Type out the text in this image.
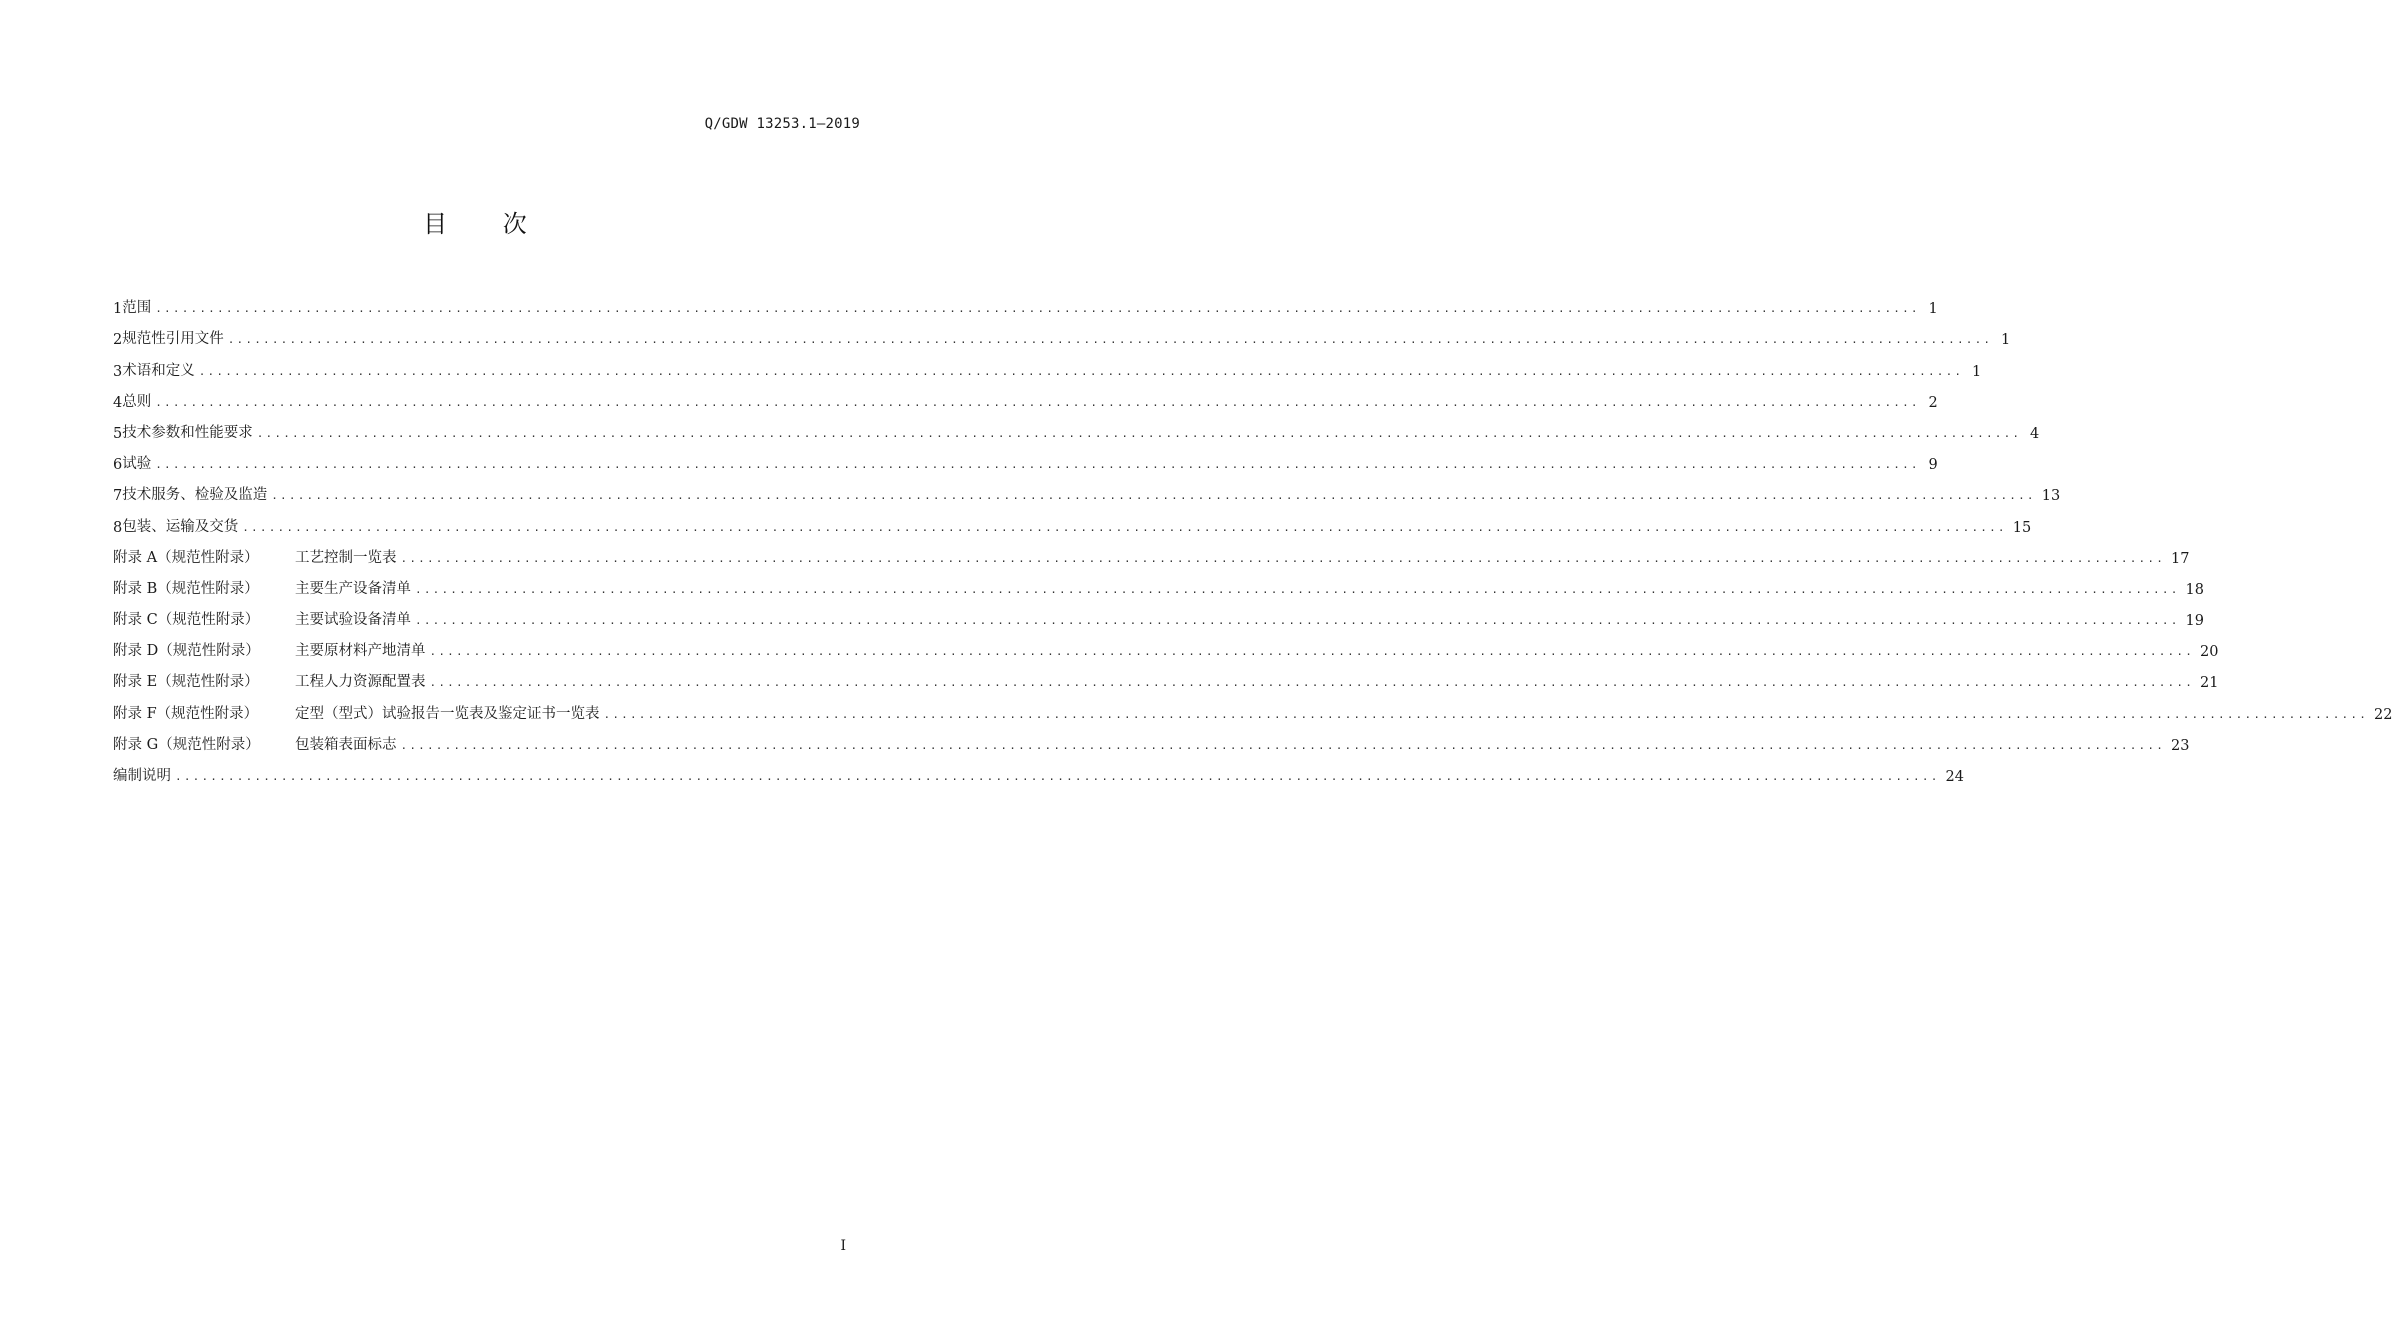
Q/GDW 13253.1—2019
目 次
1 范围 ........................................................................................................................................................................................................ 1
2 规范性引用文件 ........................................................................................................................................................................................................ 1
3 术语和定义 ........................................................................................................................................................................................................ 1
4 总则 ........................................................................................................................................................................................................ 2
5 技术参数和性能要求 ........................................................................................................................................................................................................ 4
6 试验 ........................................................................................................................................................................................................ 9
7 技术服务、检验及监造 ........................................................................................................................................................................................................ 13
8 包装、运输及交货 ........................................................................................................................................................................................................ 15
附录 A（规范性附录）	工艺控制一览表 ........................................................................................................................................................................................................ 17
附录 B（规范性附录） 主要生产设备清单 ........................................................................................................................................................................................................ 18
附录 C（规范性附录） 主要试验设备清单 ........................................................................................................................................................................................................ 19
附录 D（规范性附录） 主要原材料产地清单 ........................................................................................................................................................................................................ 20
附录 E（规范性附录）	工程人力资源配置表 ........................................................................................................................................................................................................ 21
附录 F（规范性附录）	定型（型式）试验报告一览表及鉴定证书一览表 ........................................................................................................................................................................................................ 22
附录 G（规范性附录） 包装箱表面标志 ........................................................................................................................................................................................................ 23
编制说明 ........................................................................................................................................................................................................ 24
I
